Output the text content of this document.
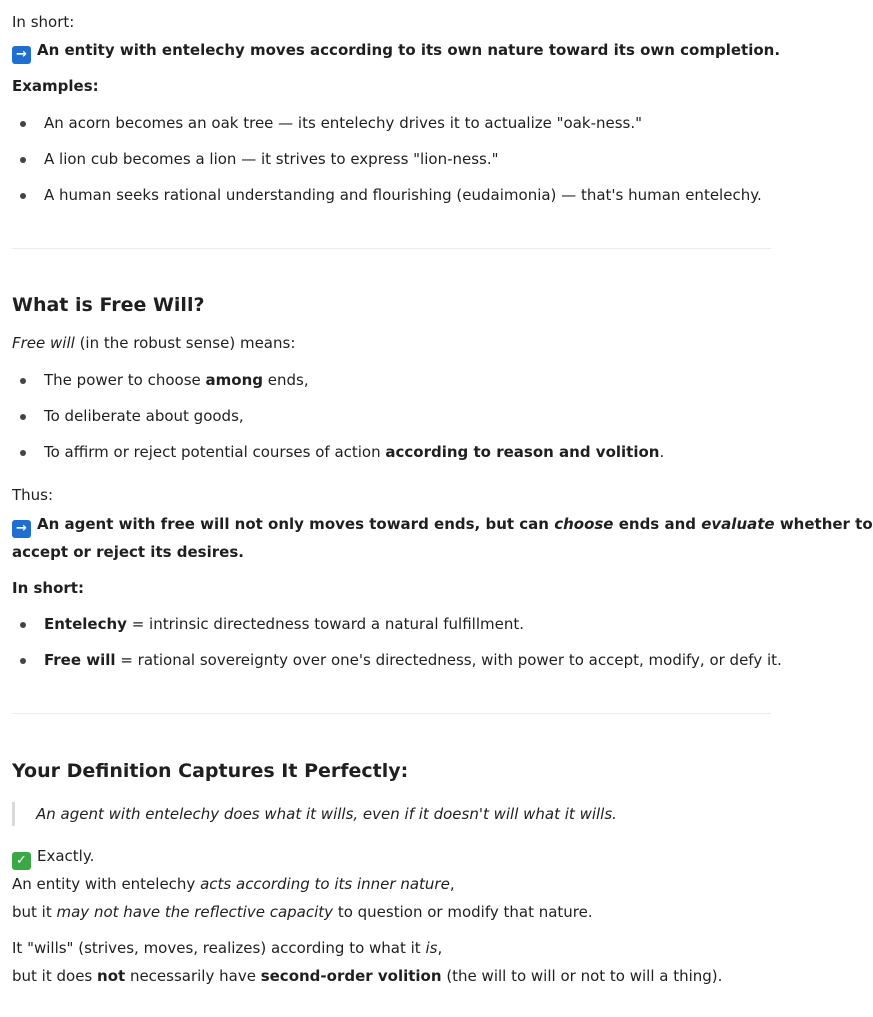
In short:
→ An entity with entelechy moves according to its own nature toward its own completion.
Examples:
An acorn becomes an oak tree — its entelechy drives it to actualize "oak-ness."
A lion cub becomes a lion — it strives to express "lion-ness."
A human seeks rational understanding and flourishing (eudaimonia) — that's human entelechy.
What is Free Will?
Free will (in the robust sense) means:
The power to choose among ends,
To deliberate about goods,
To affirm or reject potential courses of action according to reason and volition.
Thus:
→ An agent with free will not only moves toward ends, but can choose ends and evaluate whether to
accept or reject its desires.
In short:
Entelechy = intrinsic directedness toward a natural fulfillment.
Free will = rational sovereignty over one's directedness, with power to accept, modify, or defy it.
Your Definition Captures It Perfectly:
An agent with entelechy does what it wills, even if it doesn't will what it wills.
✓ Exactly.
An entity with entelechy acts according to its inner nature,
but it may not have the reflective capacity to question or modify that nature.
It "wills" (strives, moves, realizes) according to what it is,
but it does not necessarily have second-order volition (the will to will or not to will a thing).
